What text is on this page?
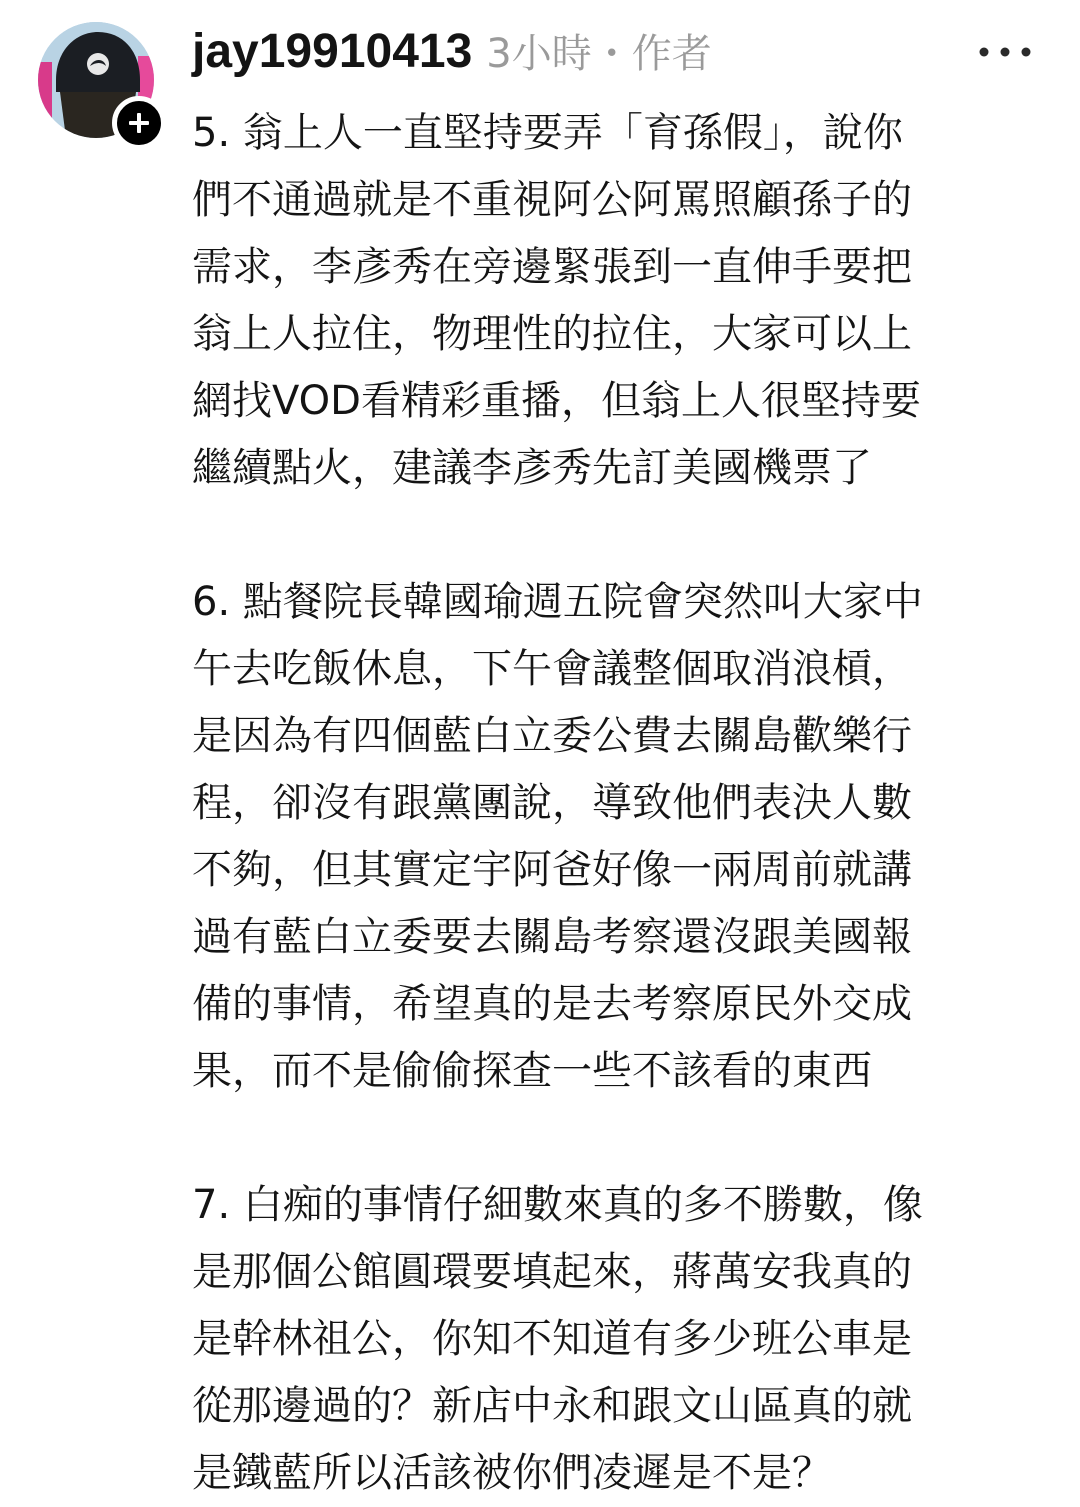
jay19910413 3小時・作者

5. 翁上人一直堅持要弄「育孫假」，說你
們不通過就是不重視阿公阿罵照顧孫子的
需求，李彥秀在旁邊緊張到一直伸手要把
翁上人拉住，物理性的拉住，大家可以上
網找VOD看精彩重播，但翁上人很堅持要
繼續點火，建議李彥秀先訂美國機票了

6. 點餐院長韓國瑜週五院會突然叫大家中
午去吃飯休息，下午會議整個取消浪槓，
是因為有四個藍白立委公費去關島歡樂行
程，卻沒有跟黨團說，導致他們表決人數
不夠，但其實定宇阿爸好像一兩周前就講
過有藍白立委要去關島考察還沒跟美國報
備的事情，希望真的是去考察原民外交成
果，而不是偷偷探查一些不該看的東西

7. 白痴的事情仔細數來真的多不勝數，像
是那個公館圓環要填起來，蔣萬安我真的
是幹林祖公，你知不知道有多少班公車是
從那邊過的？新店中永和跟文山區真的就
是鐵藍所以活該被你們凌遲是不是？
